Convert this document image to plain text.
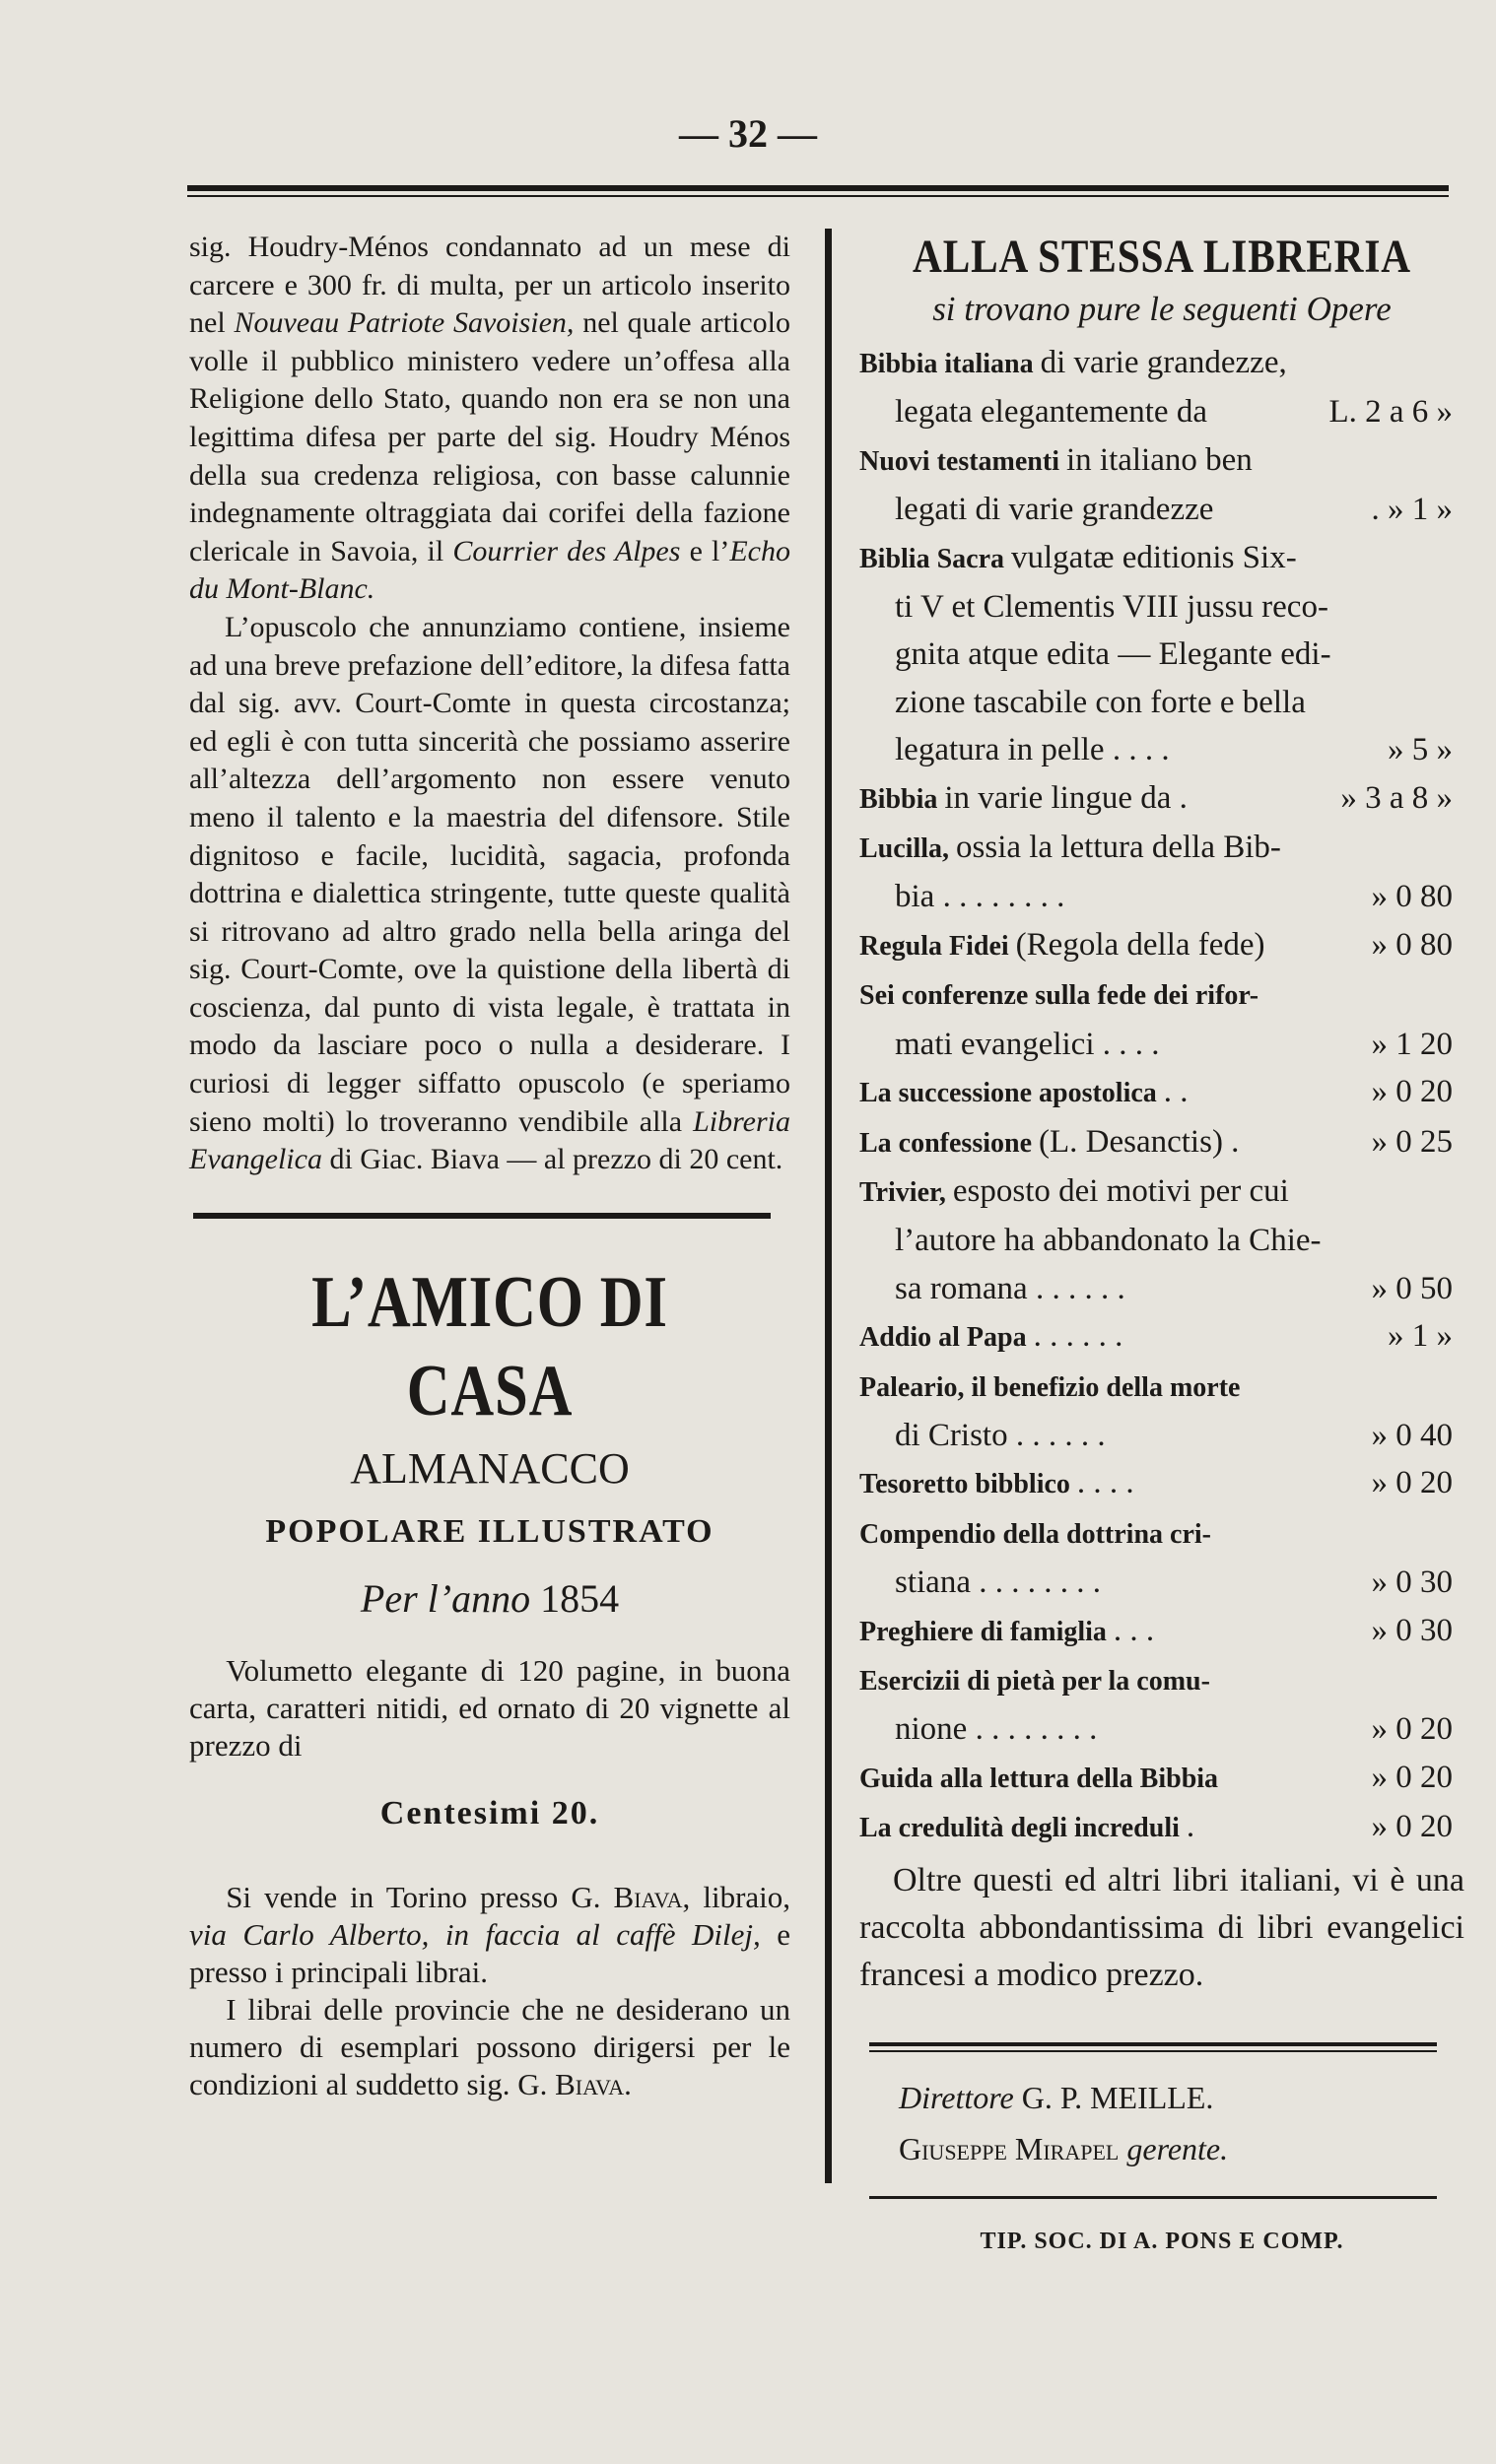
— 32 —

sig. Houdry-Ménos condannato ad un mese di carcere e 300 fr. di multa, per un articolo inserito nel Nouveau Patriote Savoisien, nel quale articolo volle il pubblico ministero vedere un’offesa alla Religione dello Stato, quando non era se non una legittima difesa per parte del sig. Houdry Ménos della sua credenza religiosa, con basse calunnie indegnamente oltraggiata dai corifei della fazione clericale in Savoia, il Courrier des Alpes e l’Echo du Mont-Blanc.

L’opuscolo che annunziamo contiene, insieme ad una breve prefazione dell’editore, la difesa fatta dal sig. avv. Court-Comte in questa circostanza; ed egli è con tutta sincerità che possiamo asserire all’altezza dell’argomento non essere venuto meno il talento e la maestria del difensore. Stile dignitoso e facile, lucidità, sagacia, profonda dottrina e dialettica stringente, tutte queste qualità si ritrovano ad altro grado nella bella aringa del sig. Court-Comte, ove la quistione della libertà di coscienza, dal punto di vista legale, è trattata in modo da lasciare poco o nulla a desiderare. I curiosi di legger siffatto opuscolo (e speriamo sieno molti) lo troveranno vendibile alla Libreria Evangelica di Giac. Biava — al prezzo di 20 cent.

L’AMICO DI CASA
ALMANACCO
POPOLARE ILLUSTRATO
Per l’anno 1854
Volumetto elegante di 120 pagine, in buona carta, caratteri nitidi, ed ornato di 20 vignette al prezzo di
Centesimi 20.

Si vende in Torino presso G. Biava, libraio, via Carlo Alberto, in faccia al caffè Dilej, e presso i principali librai.

I librai delle provincie che ne desiderano un numero di esemplari possono dirigersi per le condizioni al suddetto sig. G. Biava.

ALLA STESSA LIBRERIA
si trovano pure le seguenti Opere
Bibbia italiana di varie grandezze,
legata elegantemente da	L. 2 a 6 »
Nuovi testamenti in italiano ben
legati di varie grandezze	. » 1 »
Biblia Sacra vulgatæ editionis Six-
ti V et Clementis VIII jussu reco-
gnita atque edita — Elegante edi-
zione tascabile con forte e bella
legatura in pelle . . . .	» 5 »
Bibbia in varie lingue da .	» 3 a 8 »
Lucilla, ossia la lettura della Bib-
bia . . . . . . . .	» 0 80
Regula Fidei (Regola della fede)	» 0 80
Sei conferenze sulla fede dei rifor-
mati evangelici . . . .	» 1 20
La successione apostolica . .	» 0 20
La confessione (L. Desanctis) .	» 0 25
Trivier, esposto dei motivi per cui
l’autore ha abbandonato la Chie-
sa romana . . . . . .	» 0 50
Addio al Papa . . . . . .	» 1 »
Paleario, il benefizio della morte
di Cristo . . . . . .	» 0 40
Tesoretto bibblico . . . .	» 0 20
Compendio della dottrina cri-
stiana . . . . . . . .	» 0 30
Preghiere di famiglia . . .	» 0 30
Esercizii di pietà per la comu-
nione . . . . . . . .	» 0 20
Guida alla lettura della Bibbia	» 0 20
La credulità degli increduli .	» 0 20
Oltre questi ed altri libri italiani, vi è una raccolta abbondantissima di libri evangelici francesi a modico prezzo.
Direttore G. P. MEILLE.
Giuseppe Mirapel gerente.
TIP. SOC. DI A. PONS E COMP.
